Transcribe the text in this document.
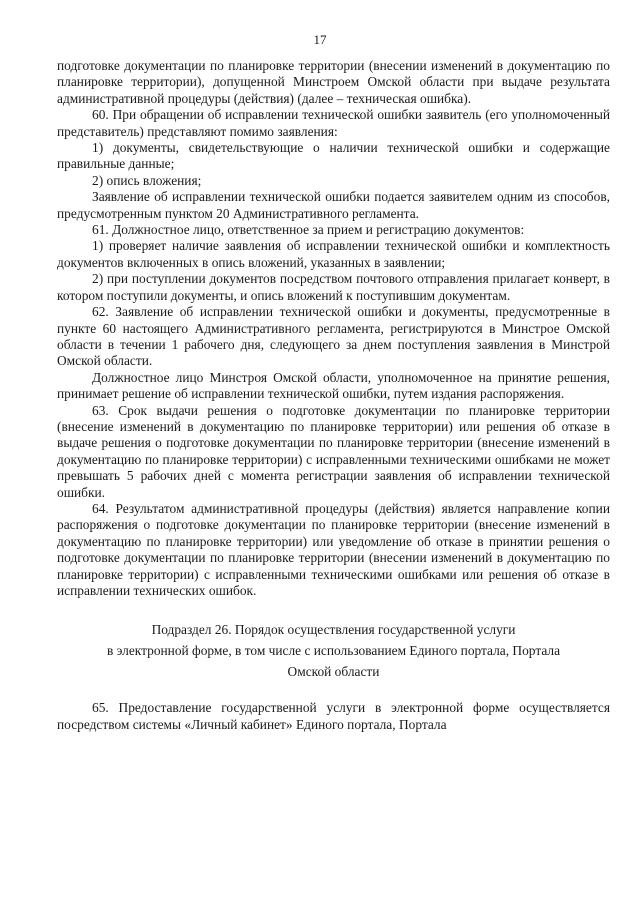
17

подготовке документации по планировке территории (внесении изменений в документацию по планировке территории), допущенной Минстроем Омской области при выдаче результата административной процедуры (действия) (далее – техническая ошибка).

60. При обращении об исправлении технической ошибки заявитель (его уполномоченный представитель) представляют помимо заявления:

1) документы, свидетельствующие о наличии технической ошибки и содержащие правильные данные;

2) опись вложения;

Заявление об исправлении технической ошибки подается заявителем одним из способов, предусмотренным пунктом 20 Административного регламента.

61. Должностное лицо, ответственное за прием и регистрацию документов:

1) проверяет наличие заявления об исправлении технической ошибки и комплектность документов включенных в опись вложений, указанных в заявлении;

2) при поступлении документов посредством почтового отправления прилагает конверт, в котором поступили документы, и опись вложений к поступившим документам.

62. Заявление об исправлении технической ошибки и документы, предусмотренные в пункте 60 настоящего Административного регламента, регистрируются в Минстрое Омской области в течении 1 рабочего дня, следующего за днем поступления заявления в Минстрой Омской области.

Должностное лицо Минстроя Омской области, уполномоченное на принятие решения, принимает решение об исправлении технической ошибки, путем издания распоряжения.

63. Срок выдачи решения о подготовке документации по планировке территории (внесение изменений в документацию по планировке территории) или решения об отказе в выдаче решения о подготовке документации по планировке территории (внесение изменений в документацию по планировке территории) с исправленными техническими ошибками не может превышать 5 рабочих дней с момента регистрации заявления об исправлении технической ошибки.

64. Результатом административной процедуры (действия) является направление копии распоряжения о подготовке документации по планировке территории (внесение изменений в документацию по планировке территории) или уведомление об отказе в принятии решения о подготовке документации по планировке территории (внесении изменений в документацию по планировке территории) с исправленными техническими ошибками или решения об отказе в исправлении технических ошибок.

Подраздел 26. Порядок осуществления государственной услуги
в электронной форме, в том числе с использованием Единого портала, Портала
Омской области

65. Предоставление государственной услуги в электронной форме осуществляется посредством системы «Личный кабинет» Единого портала, Портала
